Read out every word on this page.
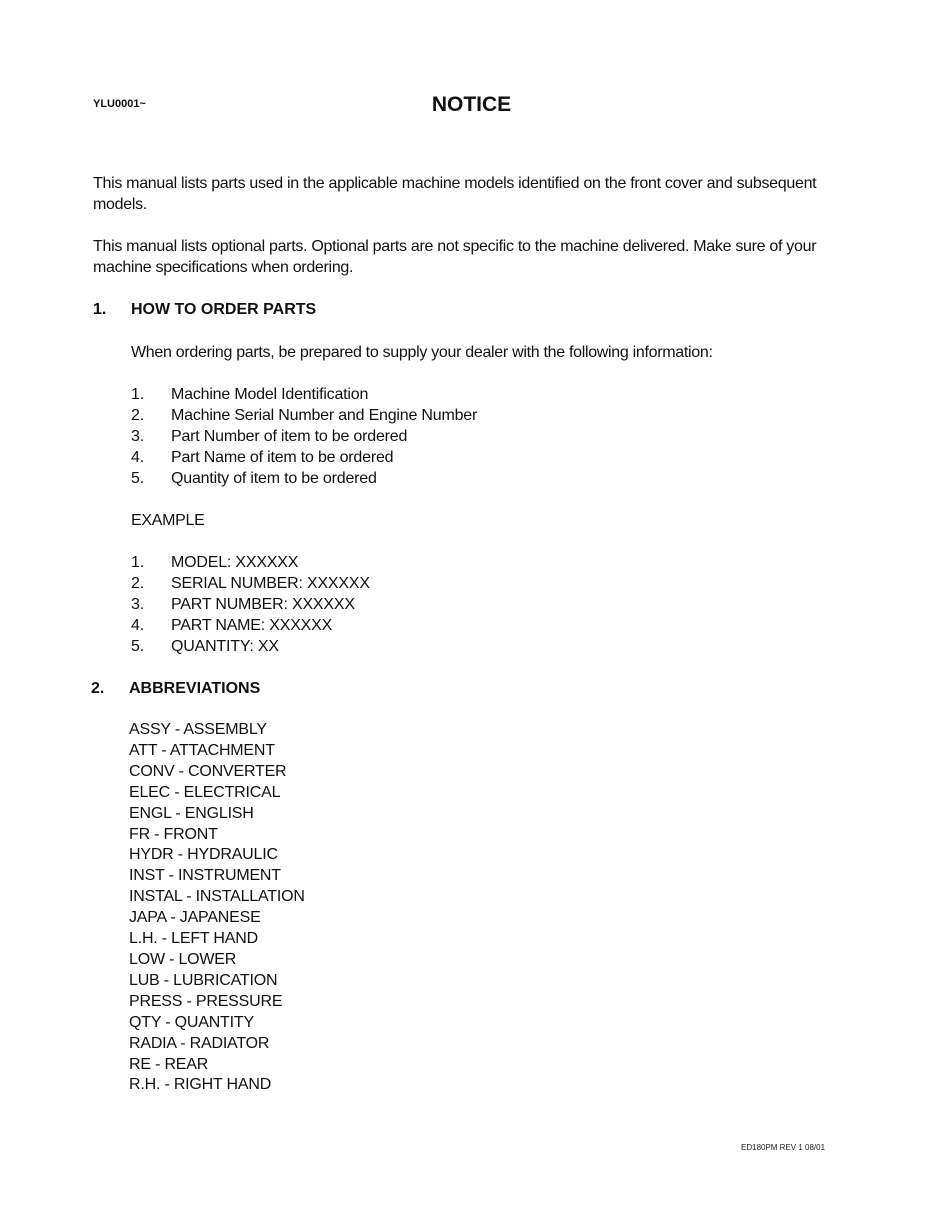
YLU0001~	NOTICE
This manual lists parts used in the applicable machine models identified on the front cover and subsequent models.
This manual lists optional parts. Optional parts are not specific to the machine delivered. Make sure of your machine specifications when ordering.
1. HOW TO ORDER PARTS
When ordering parts, be prepared to supply your dealer with the following information:
1. Machine Model Identification
2. Machine Serial Number and Engine Number
3. Part Number of item to be ordered
4. Part Name of item to be ordered
5. Quantity of item to be ordered
EXAMPLE
1. MODEL: XXXXXX
2. SERIAL NUMBER: XXXXXX
3. PART NUMBER: XXXXXX
4. PART NAME: XXXXXX
5. QUANTITY: XX
2. ABBREVIATIONS
ASSY - ASSEMBLY
ATT - ATTACHMENT
CONV - CONVERTER
ELEC - ELECTRICAL
ENGL - ENGLISH
FR - FRONT
HYDR - HYDRAULIC
INST - INSTRUMENT
INSTAL - INSTALLATION
JAPA - JAPANESE
L.H. - LEFT HAND
LOW - LOWER
LUB - LUBRICATION
PRESS - PRESSURE
QTY - QUANTITY
RADIA - RADIATOR
RE - REAR
R.H. - RIGHT HAND
ED180PM REV 1 08/01
